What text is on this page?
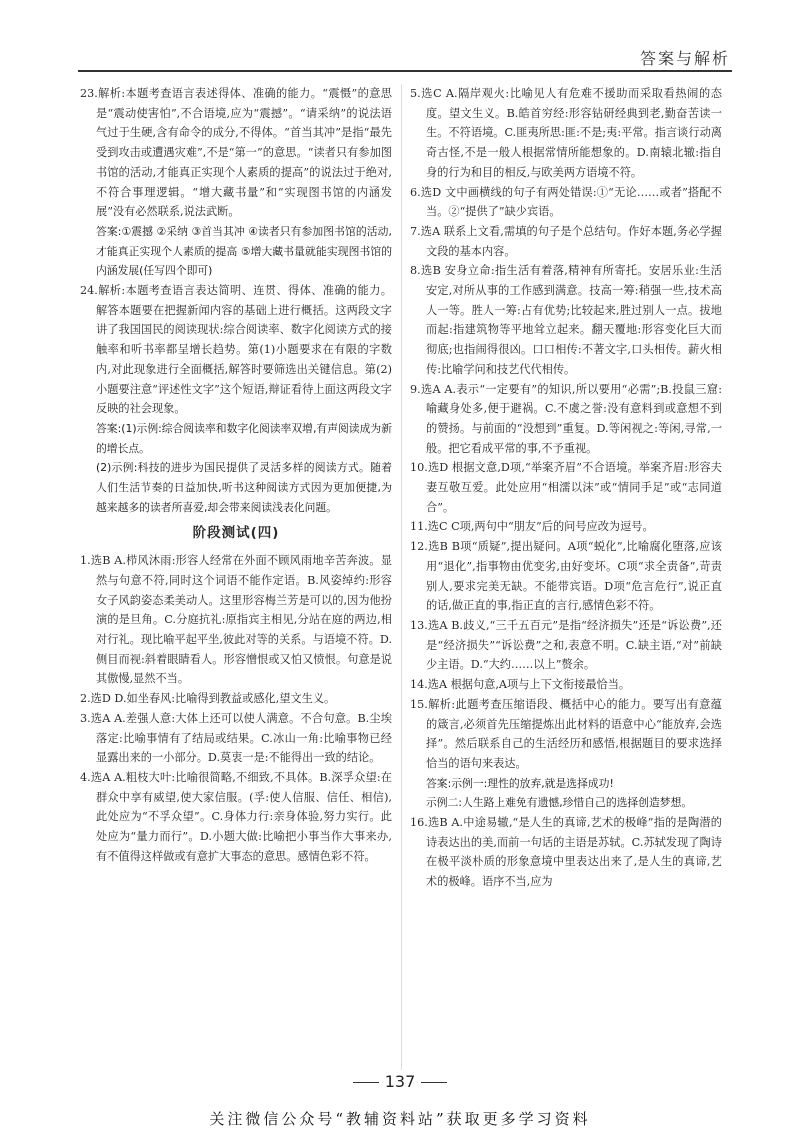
答案与解析

23.解析:本题考查语言表述得体、准确的能力。“震慑”的意思是“震动使害怕”,不合语境,应为“震撼”。“请采纳”的说法语气过于生硬,含有命令的成分,不得体。“首当其冲”是指“最先受到攻击或遭遇灾难”,不是“第一”的意思。“读者只有参加图书馆的活动,才能真正实现个人素质的提高”的说法过于绝对,不符合事理逻辑。“增大藏书量”和“实现图书馆的内涵发展”没有必然联系,说法武断。

答案:①震撼 ②采纳 ③首当其冲 ④读者只有参加图书馆的活动,才能真正实现个人素质的提高 ⑤增大藏书量就能实现图书馆的内涵发展(任写四个即可)

24.解析:本题考查语言表达简明、连贯、得体、准确的能力。解答本题要在把握新闻内容的基础上进行概括。这两段文字讲了我国国民的阅读现状:综合阅读率、数字化阅读方式的接触率和听书率都呈增长趋势。第(1)小题要求在有限的字数内,对此现象进行全面概括,解答时要筛选出关键信息。第(2)小题要注意“评述性文字”这个短语,辩证看待上面这两段文字反映的社会现象。

答案:(1)示例:综合阅读率和数字化阅读率双增,有声阅读成为新的增长点。

(2)示例:科技的进步为国民提供了灵活多样的阅读方式。随着人们生活节奏的日益加快,听书这种阅读方式因为更加便捷,为越来越多的读者所喜爱,却会带来阅读浅表化问题。

阶段测试(四)

1.选B A.栉风沐雨:形容人经常在外面不顾风雨地辛苦奔波。显然与句意不符,同时这个词语不能作定语。B.风姿绰约:形容女子风韵姿态柔美动人。这里形容梅兰芳是可以的,因为他扮演的是旦角。C.分庭抗礼:原指宾主相见,分站在庭的两边,相对行礼。现比喻平起平坐,彼此对等的关系。与语境不符。D.侧目而视:斜着眼睛看人。形容憎恨或又怕又愤恨。句意是说其傲慢,显然不当。

2.选D D.如坐春风:比喻得到教益或感化,望文生义。

3.选A A.差强人意:大体上还可以使人满意。不合句意。B.尘埃落定:比喻事情有了结局或结果。C.冰山一角:比喻事物已经显露出来的一小部分。D.莫衷一是:不能得出一致的结论。

4.选A A.粗枝大叶:比喻很简略,不细致,不具体。B.深孚众望:在群众中享有威望,使大家信服。(孚:使人信服、信任、相信),此处应为“不孚众望”。C.身体力行:亲身体验,努力实行。此处应为“量力而行”。D.小题大做:比喻把小事当作大事来办,有不值得这样做或有意扩大事态的意思。感情色彩不符。

5.选C A.隔岸观火:比喻见人有危难不援助而采取看热闹的态度。望文生义。B.皓首穷经:形容钻研经典到老,勤奋苦读一生。不符语境。C.匪夷所思:匪:不是;夷:平常。指言谈行动离奇古怪,不是一般人根据常情所能想象的。D.南辕北辙:指自身的行为和目的相反,与欧美两方语境不符。

6.选D 文中画横线的句子有两处错误:①“无论……或者”搭配不当。②“提供了”缺少宾语。

7.选A 联系上文看,需填的句子是个总结句。作好本题,务必学握文段的基本内容。

8.选B 安身立命:指生活有着落,精神有所寄托。安居乐业:生活安定,对所从事的工作感到满意。技高一筹:稍强一些,技术高人一等。胜人一筹:占有优势;比较起来,胜过别人一点。拔地而起:指建筑物等平地耸立起来。翻天覆地:形容变化巨大而彻底;也指闹得很凶。口口相传:不著文字,口头相传。薪火相传:比喻学问和技艺代代相传。

9.选A A.表示“一定要有”的知识,所以要用“必需”;B.投鼠三窟:喻藏身处多,便于避祸。C.不虞之誉:没有意料到或意想不到的赞扬。与前面的“没想到”重复。D.等闲视之:等闲,寻常,一般。把它看成平常的事,不予重视。

10.选D 根据文意,D项,“举案齐眉”不合语境。举案齐眉:形容夫妻互敬互爱。此处应用“相濡以沫”或“情同手足”或“志同道合”。

11.选C C项,两句中“朋友”后的问号应改为逗号。

12.选B B项“质疑”,提出疑问。A项“蜕化”,比喻腐化堕落,应该用“退化”,指事物由优变劣,由好变坏。C项“求全责备”,苛责别人,要求完美无缺。不能带宾语。D项“危言危行”,说正直的话,做正直的事,指正直的言行,感情色彩不符。

13.选A B.歧义,“三千五百元”是指“经济损失”还是“诉讼费”,还是“经济损失”“诉讼费”之和,表意不明。C.缺主语,“对”前缺少主语。D.“大约……以上”赘余。

14.选A 根据句意,A项与上下文衔接最恰当。

15.解析:此题考查压缩语段、概括中心的能力。要写出有意蕴的箴言,必须首先压缩提炼出此材料的语意中心“能放弃,会选择”。然后联系自己的生活经历和感悟,根据题目的要求选择恰当的语句来表达。

答案:示例一:理性的放弃,就是选择成功!

示例二:人生路上难免有遗憾,珍惜自己的选择创造梦想。

16.选B A.中途易辙,“是人生的真谛,艺术的极峰”指的是陶潜的诗表达出的美,而前一句话的主语是苏轼。C.苏轼发现了陶诗在极平淡朴质的形象意境中里表达出来了,是人生的真谛,艺术的极峰。语序不当,应为

137
关注微信公众号“教辅资料站”获取更多学习资料
